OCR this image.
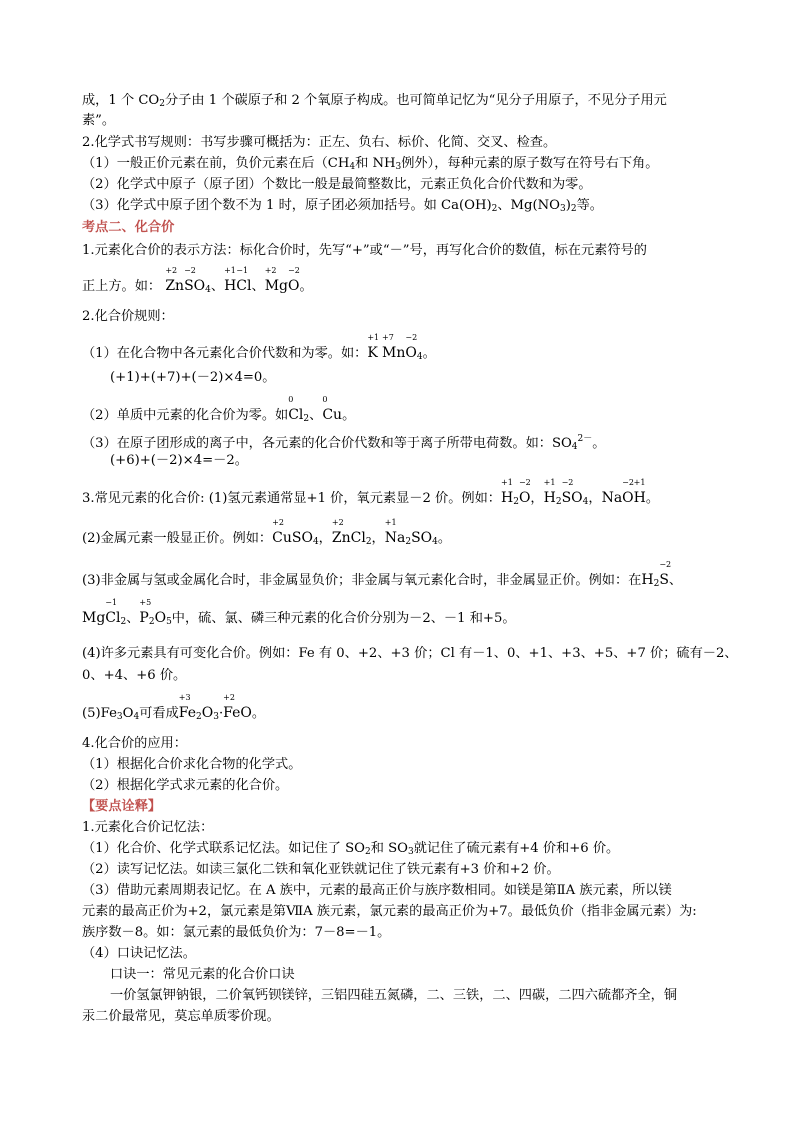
成，1 个 $CO_2$分子由 1 个碳原子和 2 个氧原子构成。也可简单记忆为“见分子用原子，不见分子用元
素”。
2.化学式书写规则：书写步骤可概括为：正左、负右、标价、化简、交叉、检查。
（1）一般正价元素在前，负价元素在后（$CH_4$和 $NH_3$例外），每种元素的原子数写在符号右下角。
（2）化学式中原子（原子团）个数比一般是最简整数比，元素正负化合价代数和为零。
（3）化学式中原子团个数不为 1 时，原子团必须加括号。如 $Ca(OH)_2$、$Mg(NO_3)_2$等。
考点二、化合价
1.元素化合价的表示方法：标化合价时，先写“+”或“－”号，再写化合价的数值，标在元素符号的
正上方。如：
+2
Zn
−2
$SO_4$、
+1
H
−1
Cl、
+2
Mg
−2
O。
2.化合价规则：
（1）在化合物中各元素化合价代数和为零。如：
+1
K
+7
Mn
−2
$O_4$。
(+1)+(+7)+(－2)×4=0。
（2）单质中元素的化合价为零。如
0
$Cl_2$、
0
Cu。
（3）在原子团形成的离子中，各元素的化合价代数和等于离子所带电荷数。如：$SO_4^{2-}$。
(+6)+(－2)×4=－2。
3.常见元素的化合价: (1)氢元素通常显+1 价，氧元素显－2 价。例如：
+1
$H_2$
−2
O，
+1
$H_2$
−2
$SO_4$，Na
−2
O
+1
H。
(2)金属元素一般显正价。例如：
+2
CuSO$_4$，
+2
ZnCl$_2$，
+1
$Na_2SO_4$。
(3)非金属与氢或金属化合时，非金属显负价；非金属与氧元素化合时，非金属显正价。例如：在$H_2$
−2
S、
Mg
−1
$Cl_2$、
+5
$P_2O_5$中，硫、氯、磷三种元素的化合价分别为－2、－1 和+5。
(4)许多元素具有可变化合价。例如：Fe 有 0、+2、+3 价；Cl 有－1、0、+1、+3、+5、+7 价；硫有－2、
0、+4、+6 价。
$(5)Fe_3O_4$可看成
+3
$Fe_2O_3\cdot$
+2
FeO。
4.化合价的应用：
（1）根据化合价求化合物的化学式。
（2）根据化学式求元素的化合价。
【要点诠释】
1.元素化合价记忆法：
（1）化合价、化学式联系记忆法。如记住了 $SO_2$和 $SO_3$就记住了硫元素有+4 价和+6 价。
（2）读写记忆法。如读三氯化二铁和氧化亚铁就记住了铁元素有+3 价和+2 价。
（3）借助元素周期表记忆。在 A 族中，元素的最高正价与族序数相同。如镁是第ⅡA 族元素，所以镁
元素的最高正价为+2，氯元素是第ⅦA 族元素，氯元素的最高正价为+7。最低负价（指非金属元素）为:
族序数－8。如：氯元素的最低负价为：7－8=－1。
（4）口诀记忆法。
口诀一：常见元素的化合价口诀
一价氢氯钾钠银，二价氧钙钡镁锌，三铝四硅五氮磷，二、三铁，二、四碳，二四六硫都齐全，铜
汞二价最常见，莫忘单质零价现。
